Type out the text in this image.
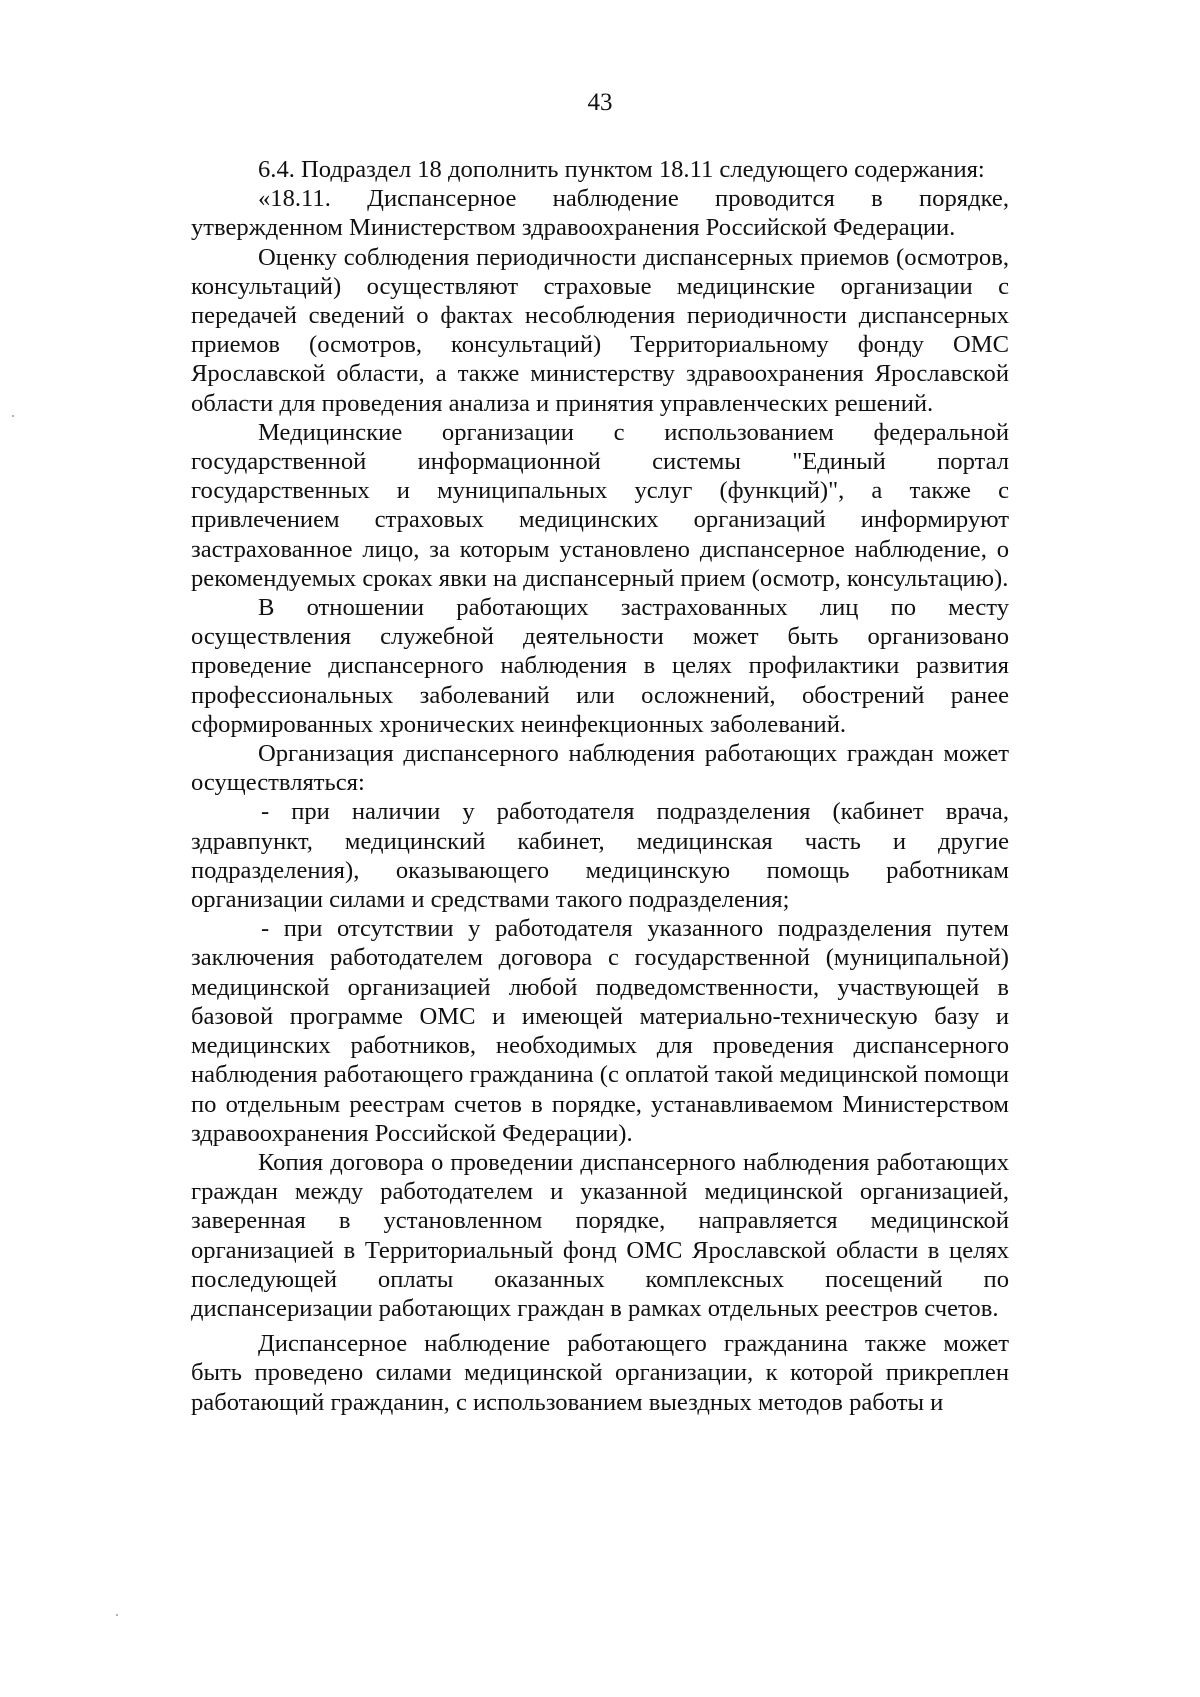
43

6.4. Подраздел 18 дополнить пунктом 18.11 следующего содержания:

«18.11. Диспансерное наблюдение проводится в порядке, утвержденном Министерством здравоохранения Российской Федерации.

Оценку соблюдения периодичности диспансерных приемов (осмотров, консультаций) осуществляют страховые медицинские организации с передачей сведений о фактах несоблюдения периодичности диспансерных приемов (осмотров, консультаций) Территориальному фонду ОМС Ярославской области, а также министерству здравоохранения Ярославской области для проведения анализа и принятия управленческих решений.

Медицинские организации с использованием федеральной государственной информационной системы "Единый портал государственных и муниципальных услуг (функций)", а также с привлечением страховых медицинских организаций информируют застрахованное лицо, за которым установлено диспансерное наблюдение, о рекомендуемых сроках явки на диспансерный прием (осмотр, консультацию).

В отношении работающих застрахованных лиц по месту осуществления служебной деятельности может быть организовано проведение диспансерного наблюдения в целях профилактики развития профессиональных заболеваний или осложнений, обострений ранее сформированных хронических неинфекционных заболеваний.

Организация диспансерного наблюдения работающих граждан может осуществляться:

- при наличии у работодателя подразделения (кабинет врача, здравпункт, медицинский кабинет, медицинская часть и другие подразделения), оказывающего медицинскую помощь работникам организации силами и средствами такого подразделения;

- при отсутствии у работодателя указанного подразделения путем заключения работодателем договора с государственной (муниципальной) медицинской организацией любой подведомственности, участвующей в базовой программе ОМС и имеющей материально-техническую базу и медицинских работников, необходимых для проведения диспансерного наблюдения работающего гражданина (с оплатой такой медицинской помощи по отдельным реестрам счетов в порядке, устанавливаемом Министерством здравоохранения Российской Федерации).

Копия договора о проведении диспансерного наблюдения работающих граждан между работодателем и указанной медицинской организацией, заверенная в установленном порядке, направляется медицинской организацией в Территориальный фонд ОМС Ярославской области в целях последующей оплаты оказанных комплексных посещений по диспансеризации работающих граждан в рамках отдельных реестров счетов.

Диспансерное наблюдение работающего гражданина также может быть проведено силами медицинской организации, к которой прикреплен работающий гражданин, с использованием выездных методов работы и
